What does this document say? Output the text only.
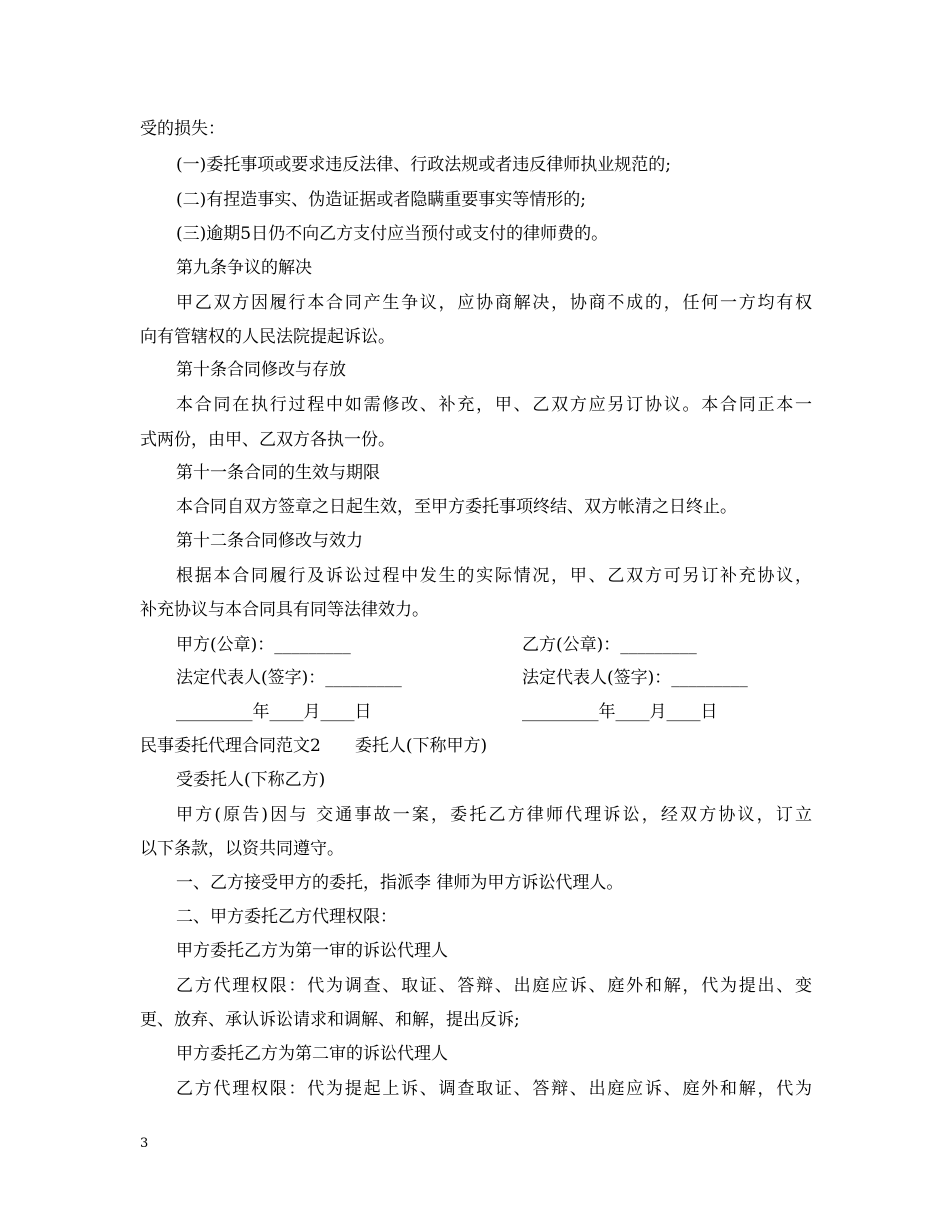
受的损失：
(一)委托事项或要求违反法律、行政法规或者违反律师执业规范的;
(二)有捏造事实、伪造证据或者隐瞒重要事实等情形的;
(三)逾期5日仍不向乙方支付应当预付或支付的律师费的。
第九条争议的解决
甲乙双方因履行本合同产生争议，应协商解决，协商不成的，任何一方均有权
向有管辖权的人民法院提起诉讼。
第十条合同修改与存放
本合同在执行过程中如需修改、补充，甲、乙双方应另订协议。本合同正本一
式两份，由甲、乙双方各执一份。
第十一条合同的生效与期限
本合同自双方签章之日起生效，至甲方委托事项终结、双方帐清之日终止。
第十二条合同修改与效力
根据本合同履行及诉讼过程中发生的实际情况，甲、乙双方可另订补充协议，
补充协议与本合同具有同等法律效力。
甲方(公章)：_________	乙方(公章)：_________
法定代表人(签字)：_________	法定代表人(签字)：_________
_________年____月____日	_________年____月____日
民事委托代理合同范文2　　委托人(下称甲方)
受委托人(下称乙方)
甲方(原告)因与 交通事故一案，委托乙方律师代理诉讼，经双方协议，订立
以下条款，以资共同遵守。
一、乙方接受甲方的委托，指派李 律师为甲方诉讼代理人。
二、甲方委托乙方代理权限：
甲方委托乙方为第一审的诉讼代理人
乙方代理权限：代为调查、取证、答辩、出庭应诉、庭外和解，代为提出、变
更、放弃、承认诉讼请求和调解、和解，提出反诉;
甲方委托乙方为第二审的诉讼代理人
乙方代理权限：代为提起上诉、调查取证、答辩、出庭应诉、庭外和解，代为
3
